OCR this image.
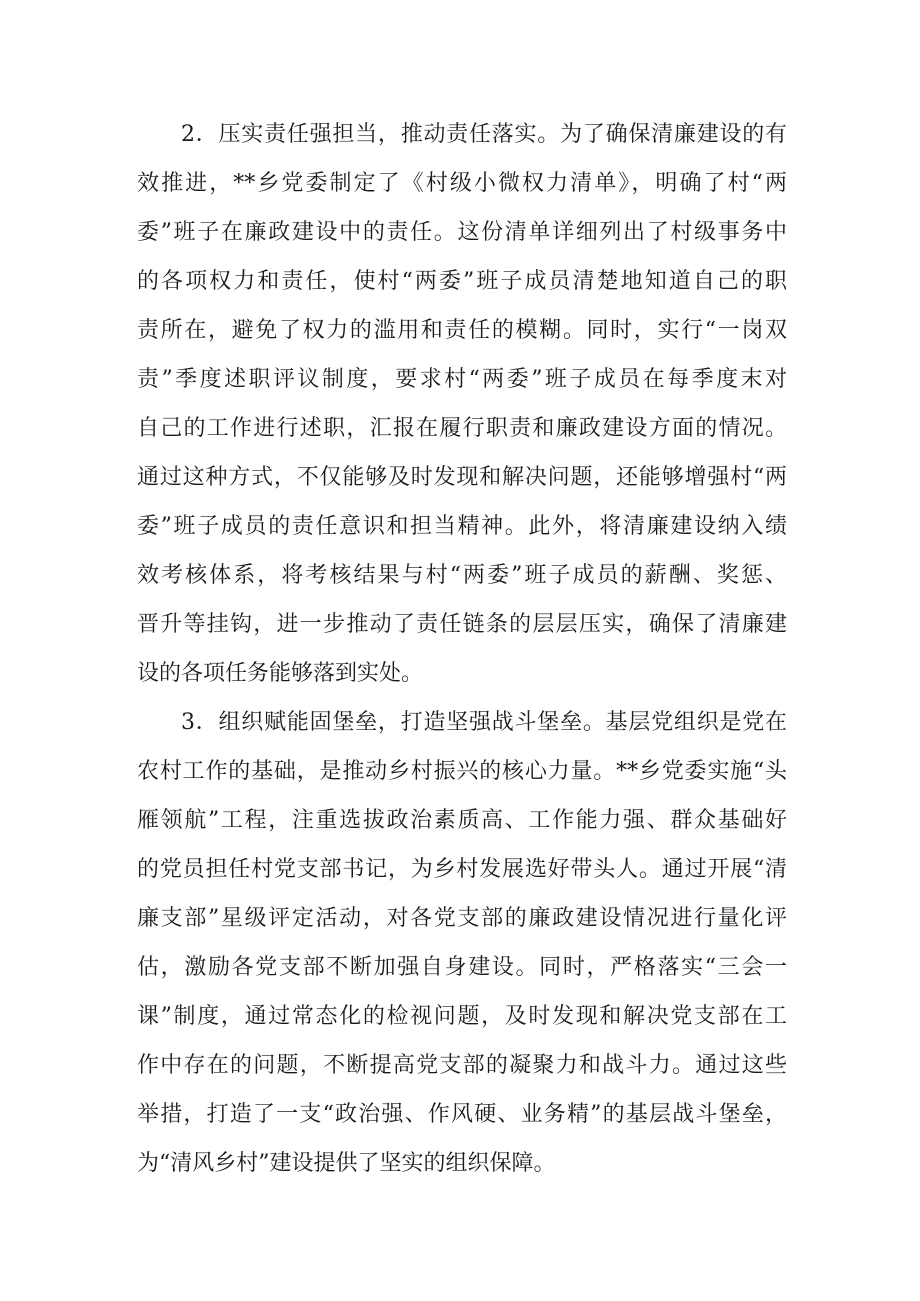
2．压实责任强担当，推动责任落实。为了确保清廉建设的有
效推进，**乡党委制定了《村级小微权力清单》，明确了村“两
委”班子在廉政建设中的责任。这份清单详细列出了村级事务中
的各项权力和责任，使村“两委”班子成员清楚地知道自己的职
责所在，避免了权力的滥用和责任的模糊。同时，实行“一岗双
责”季度述职评议制度，要求村“两委”班子成员在每季度末对
自己的工作进行述职，汇报在履行职责和廉政建设方面的情况。
通过这种方式，不仅能够及时发现和解决问题，还能够增强村“两
委”班子成员的责任意识和担当精神。此外，将清廉建设纳入绩
效考核体系，将考核结果与村“两委”班子成员的薪酬、奖惩、
晋升等挂钩，进一步推动了责任链条的层层压实，确保了清廉建
设的各项任务能够落到实处。
3．组织赋能固堡垒，打造坚强战斗堡垒。基层党组织是党在
农村工作的基础，是推动乡村振兴的核心力量。**乡党委实施“头
雁领航”工程，注重选拔政治素质高、工作能力强、群众基础好
的党员担任村党支部书记，为乡村发展选好带头人。通过开展“清
廉支部”星级评定活动，对各党支部的廉政建设情况进行量化评
估，激励各党支部不断加强自身建设。同时，严格落实“三会一
课”制度，通过常态化的检视问题，及时发现和解决党支部在工
作中存在的问题，不断提高党支部的凝聚力和战斗力。通过这些
举措，打造了一支“政治强、作风硬、业务精”的基层战斗堡垒，
为“清风乡村”建设提供了坚实的组织保障。
